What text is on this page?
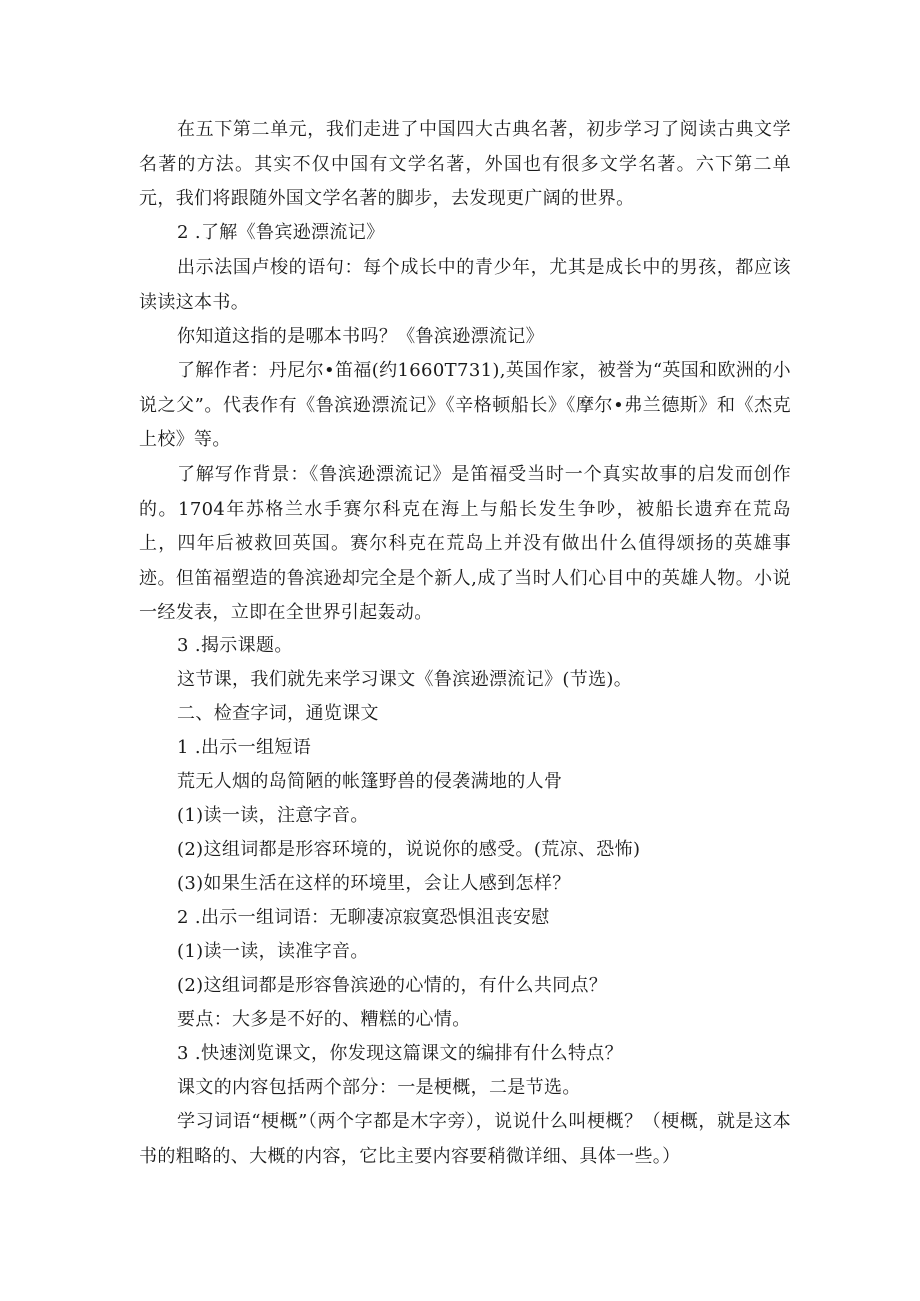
在五下第二单元，我们走进了中国四大古典名著，初步学习了阅读古典文学名著的方法。其实不仅中国有文学名著，外国也有很多文学名著。六下第二单元，我们将跟随外国文学名著的脚步，去发现更广阔的世界。

2 .了解《鲁宾逊漂流记》

出示法国卢梭的语句：每个成长中的青少年，尤其是成长中的男孩，都应该读读这本书。

你知道这指的是哪本书吗？《鲁滨逊漂流记》

了解作者：丹尼尔•笛福(约1660T731),英国作家，被誉为“英国和欧洲的小说之父”。代表作有《鲁滨逊漂流记》《辛格顿船长》《摩尔•弗兰德斯》和《杰克上校》等。

了解写作背景：《鲁滨逊漂流记》是笛福受当时一个真实故事的启发而创作的。1704年苏格兰水手赛尔科克在海上与船长发生争吵，被船长遗弃在荒岛上，四年后被救回英国。赛尔科克在荒岛上并没有做出什么值得颂扬的英雄事迹。但笛福塑造的鲁滨逊却完全是个新人,成了当时人们心目中的英雄人物。小说一经发表，立即在全世界引起轰动。

3 .揭示课题。

这节课，我们就先来学习课文《鲁滨逊漂流记》(节选)。

二、检查字词，通览课文

1 .出示一组短语

荒无人烟的岛简陋的帐篷野兽的侵袭满地的人骨

(1)读一读，注意字音。

(2)这组词都是形容环境的，说说你的感受。(荒凉、恐怖)

(3)如果生活在这样的环境里，会让人感到怎样？

2 .出示一组词语：无聊凄凉寂寞恐惧沮丧安慰

(1)读一读，读准字音。

(2)这组词都是形容鲁滨逊的心情的，有什么共同点？

要点：大多是不好的、糟糕的心情。

3 .快速浏览课文，你发现这篇课文的编排有什么特点？

课文的内容包括两个部分：一是梗概，二是节选。

学习词语“梗概”（两个字都是木字旁），说说什么叫梗概？（梗概，就是这本书的粗略的、大概的内容，它比主要内容要稍微详细、具体一些。）
